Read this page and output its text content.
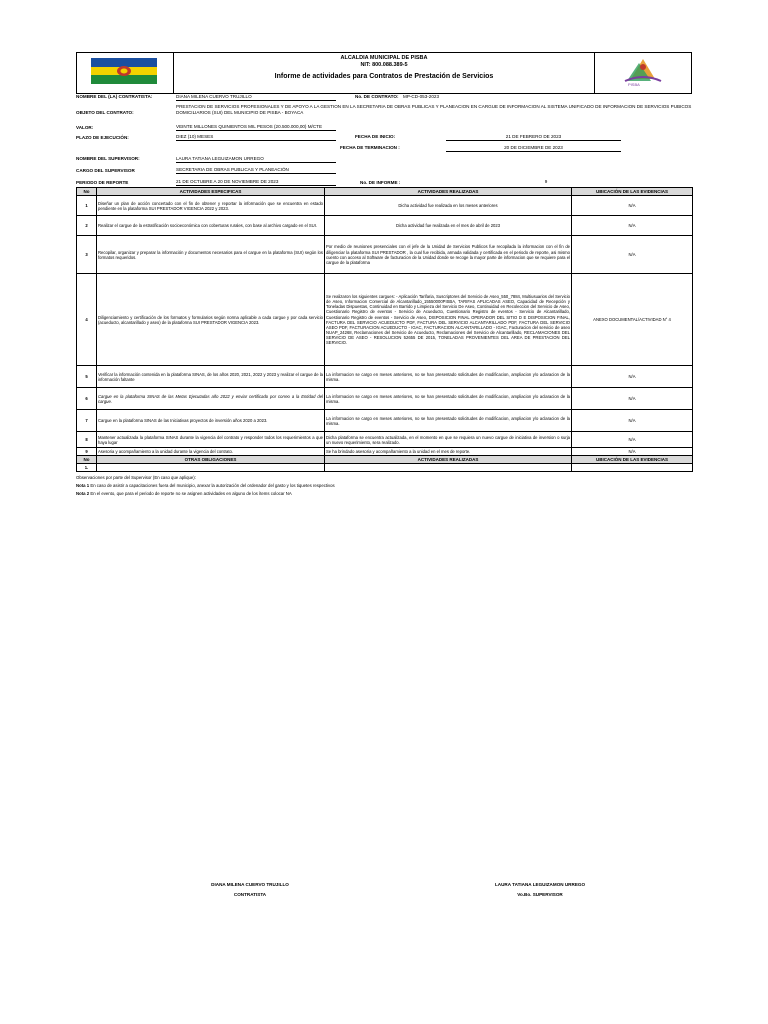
ALCALDIA MUNICIPAL DE PISBA
NIT: 800.088.389-5
Informe de actividades para Contratos de Prestación de Servicios
PISBA
NOMBRE DEL (LA) CONTRATISTA:	DIANA MILENA CUERVO TRUJILLO	No. DE CONTRATO: MP-CD-053-2023
OBJETO DEL CONTRATO:
PRESTACION DE SERVICIOS PROFESIONALES Y DE APOYO A LA GESTION EN LA SECRETARIA DE OBRAS PUBLICAS Y PLANEACION EN CARGUE DE INFORMACION AL SISTEMA UNIFICADO DE INFORMACION DE SERVICIOS PUBICOS DOMICILIARIOS (SUI) DEL MUNICIPIO DE PISBA - BOYACA
VALOR:	VEINTE MILLONES QUINIENTOS MIL PESOS (20.500.000,00) M/CTE
PLAZO DE EJECUCIÓN:	DIEZ (10) MESES	FECHA DE INICIO:	21 DE FEBRERO DE 2023
FECHA DE TERMINACION :	20 DE DICIEMBRE DE 2023
NOMBRE DEL SUPERVISOR:	LAURA TATIANA LEGUIZAMON URREGO
CARGO DEL SUPERVISOR	SECRETARIA DE OBRAS PUBLICAS Y PLANEACIÓN
PERIODO DE REPORTE	21 DE OCTUBRE A 20 DE NOVIEMBRE DE 2023	No. DE INFORME :	9
No	ACTIVIDADES ESPECIFICAS	ACTIVIDADES REALIZADAS	UBICACIÓN DE LAS EVIDENCIAS
1	Diseñar un plan de acción concertado con el fin de obtener y reportar la información que se encuentra en estado pendiente en la plataforma SUI PRESTADOR VIGENCIA 2022 y 2023.	Dicha actividad fue realizada en los meses anteriores	N/A
2	Realizar el cargue de la estratificación socioeconómica con coberturas rurales, con base al archivo cargado en el SUI.	Dicha actividad fue realizada en el mes de abril de 2023	N/A
3	Recopilar, organizar y preparar la información y documentos necesarios para el cargue en la plataforma (SUI) según los formatos requeridos.	Por medio de reuniones presenciales con el jefe de la Unidad de Servicios Publicos fue recopilada la informacion con el fin de diligenciar la plataforma SUI PRESTADOR , la cual fue recibida, armada validada y certificada en el periodo de reporte, asi mismo cuento con acceso al Software de facturacion de la Unidad donde se recoge la mayor parte de informacion que se requiere para el cargue de la plataforma	N/A
4	Diligenciamiento y certificación de los formatos y formularios según norma aplicable a cada cargue y por cada servicio (acueducto, alcantarillado y aseo) de la plataforma SUI PRESTADOR VIGENCIA 2023.	Se realizaron los siguientes cargues: - Aplicación Tarifaria, Suscriptores del Servicio de Aseo_550_7884, Multiusuarios del Servicio de Aseo, Informacion Comercial de Alcantarillado_15550000PISBA, TARIFAS APLICADAS ASEO, Capacidad de Recepción y Toneladas Dispuestas, Continuidad en Barrido y Limpieza del Servicio De Aseo, Continuidad en Recoleccion del Servicio de Aseo, Cuestionario Registro de eventos - Servicio de Acueducto, Cuestionario Registro de eventos - Servicio de Alcantarillado, Cuestionario Registro de eventos - Servicio de Aseo, DISPOSICION FINAL OPERADOR DEL SITIO D E DISPOSICION FINAL, FACTURA DEL SERVICIO ACUEDUCTO PDF, FACTURA DEL SERVICIO ALCANTARILLADO PDF, FACTURA DEL SERVICIO ASEO PDF, FACTURACION ACUEDUCTO - IGAC, FACTURACION ALCANTARILLADO - IGAC, Facturacion del servicio de aseo NUAP_24268, Reclamaciones del Servicio de Acueducto, Reclamaciones del Servicio de Alcantarillado, RECLAMACIONES DEL SERVICIO DE ASEO - RESOLUCION 52655 DE 2015, TONELADAS PROVENIENTES DEL AREA DE PRESTACION DEL SERVICIO.	ANEXO DOCUMENTAL/ACTIVIDAD N° 4
5	Verificar la información contenida en la plataforma SINAS, de los años 2020, 2021, 2022 y 2023 y realizar el cargue de la información faltante	La informacion se cargo en meses anteriores, no se han presentado solicitudes de modificacion, ampliacion y/o aclaracion de la misma.	N/A
6	Cargue en la plataforma SINAS de las Metas Ejecutadas año 2022 y enviar certificado por correo a la Entidad del cargue.	La informacion se cargo en meses anteriores, no se han presentado solicitudes de modificacion, ampliacion y/o aclaracion de la misma.	N/A
7	Cargue en la plataforma SINAS de las Iniciativas proyectos de inversión años 2020 a 2023.	La informacion se cargo en meses anteriores, no se han presentado solicitudes de modificacion, ampliacion y/o aclaracion de la misma.	N/A
8	Mantener actualizada la plataforma SINAS durante la vigencia del contrato y responder todos los requerimientos a que haya lugar	Dicha plataforma se encuentra actualizada, en el momento en que se requiera un nuevo cargue de iniciativa de inversion o surja un nuevo requerimiento, sera realizado.	N/A
9	Asesoria y acompañamiento a la unidad durante la vigencia del contrato.	Se ha brindado asesoria y acompañamiento a la unidad en el mes de reporte.	N/A
No	OTRAS OBLIGACIONES	ACTIVIDADES REALIZADAS	UBICACIÓN DE LAS EVIDENCIAS
1.			
Observaciones por parte del Supervisor (En caso que aplique):
Nota 1 En caso de asistir a capacitaciones fuera del municipio, anexar la autorización del ordenador del gasto y los tiquetes respectivos
Nota 2 En el evento, que para el periodo de reporte no se asignen actividades en alguno de los ítems colocar NA
DIANA MILENA CUERVO TRUJILLO
CONTRATISTA
LAURA TATIANA LEGUIZAMON URREGO
Vo.Bo. SUPERVISOR
